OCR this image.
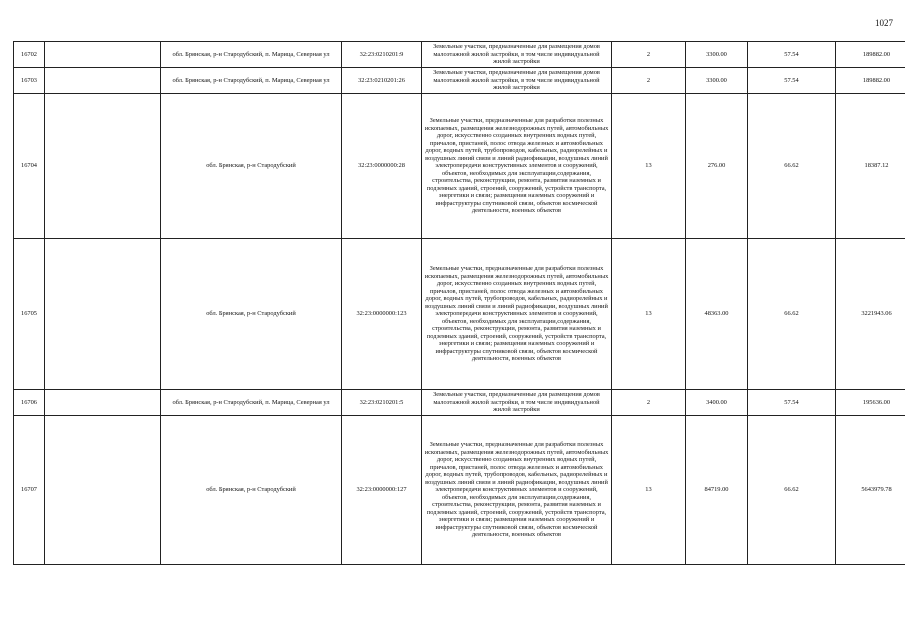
1027
16702		обл. Брянская, р-н Стародубский, п. Марица, Северная ул	32:23:0210201:9	Земельные участки, предназначенные для размещения домов малоэтажной жилой застройки, в том числе индивидуальной жилой застройки	2	3300.00	57.54	189882.00
16703		обл. Брянская, р-н Стародубский, п. Марица, Северная ул	32:23:0210201:26	Земельные участки, предназначенные для размещения домов малоэтажной жилой застройки, в том числе индивидуальной жилой застройки	2	3300.00	57.54	189882.00
16704		обл. Брянская, р-н Стародубский	32:23:0000000:28	Земельные участки, предназначенные для разработки полезных ископаемых, размещения железнодорожных путей, автомобильных дорог, искусственно созданных внутренних водных путей, причалов, пристаней, полос отвода железных и автомобильных дорог, водных путей, трубопроводов, кабельных, радиорелейных и воздушных линий связи и линий радиофикации, воздушных линий электропередачи конструктивных элементов и сооружений, объектов, необходимых для эксплуатации,содержания, строительства, реконструкции, ремонта, развития наземных и подземных зданий, строений, сооружений, устройств транспорта, энергетики и связи; размещения наземных сооружений и инфраструктуры спутниковой связи, объектов космической деятельности, военных объектов	13	276.00	66.62	18387.12
16705		обл. Брянская, р-н Стародубский	32:23:0000000:123	Земельные участки, предназначенные для разработки полезных ископаемых, размещения железнодорожных путей, автомобильных дорог, искусственно созданных внутренних водных путей, причалов, пристаней, полос отвода железных и автомобильных дорог, водных путей, трубопроводов, кабельных, радиорелейных и воздушных линий связи и линий радиофикации, воздушных линий электропередачи конструктивных элементов и сооружений, объектов, необходимых для эксплуатации,содержания, строительства, реконструкции, ремонта, развития наземных и подземных зданий, строений, сооружений, устройств транспорта, энергетики и связи; размещения наземных сооружений и инфраструктуры спутниковой связи, объектов космической деятельности, военных объектов	13	48363.00	66.62	3221943.06
16706		обл. Брянская, р-н Стародубский, п. Марица, Северная ул	32:23:0210201:5	Земельные участки, предназначенные для размещения домов малоэтажной жилой застройки, в том числе индивидуальной жилой застройки	2	3400.00	57.54	195636.00
16707		обл. Брянская, р-н Стародубский	32:23:0000000:127	Земельные участки, предназначенные для разработки полезных ископаемых, размещения железнодорожных путей, автомобильных дорог, искусственно созданных внутренних водных путей, причалов, пристаней, полос отвода железных и автомобильных дорог, водных путей, трубопроводов, кабельных, радиорелейных и воздушных линий связи и линий радиофикации, воздушных линий электропередачи конструктивных элементов и сооружений, объектов, необходимых для эксплуатации,содержания, строительства, реконструкции, ремонта, развития наземных и подземных зданий, строений, сооружений, устройств транспорта, энергетики и связи; размещения наземных сооружений и инфраструктуры спутниковой связи, объектов космической деятельности, военных объектов	13	84719.00	66.62	5643979.78
